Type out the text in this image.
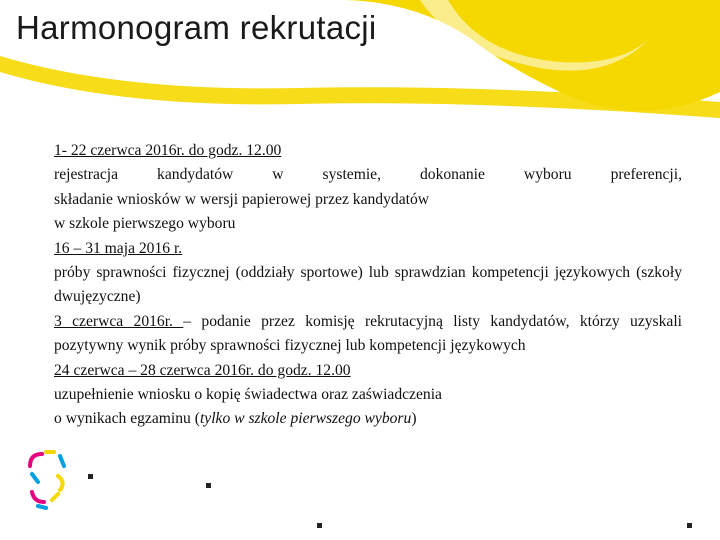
Harmonogram rekrutacji

1- 22 czerwca 2016r. do godz. 12.00

rejestracja kandydatów w systemie, dokonanie wyboru preferencji,

składanie wniosków w wersji papierowej przez kandydatów

w szkole pierwszego wyboru

16 – 31 maja 2016 r.

próby sprawności fizycznej (oddziały sportowe) lub sprawdzian kompetencji językowych (szkoły dwujęzyczne)

3 czerwca 2016r. – podanie przez komisję rekrutacyjną listy kandydatów, którzy uzyskali pozytywny wynik próby sprawności fizycznej lub kompetencji językowych

24 czerwca – 28 czerwca 2016r. do godz. 12.00

uzupełnienie wniosku o kopię świadectwa oraz zaświadczenia

o wynikach egzaminu (tylko w szkole pierwszego wyboru)
